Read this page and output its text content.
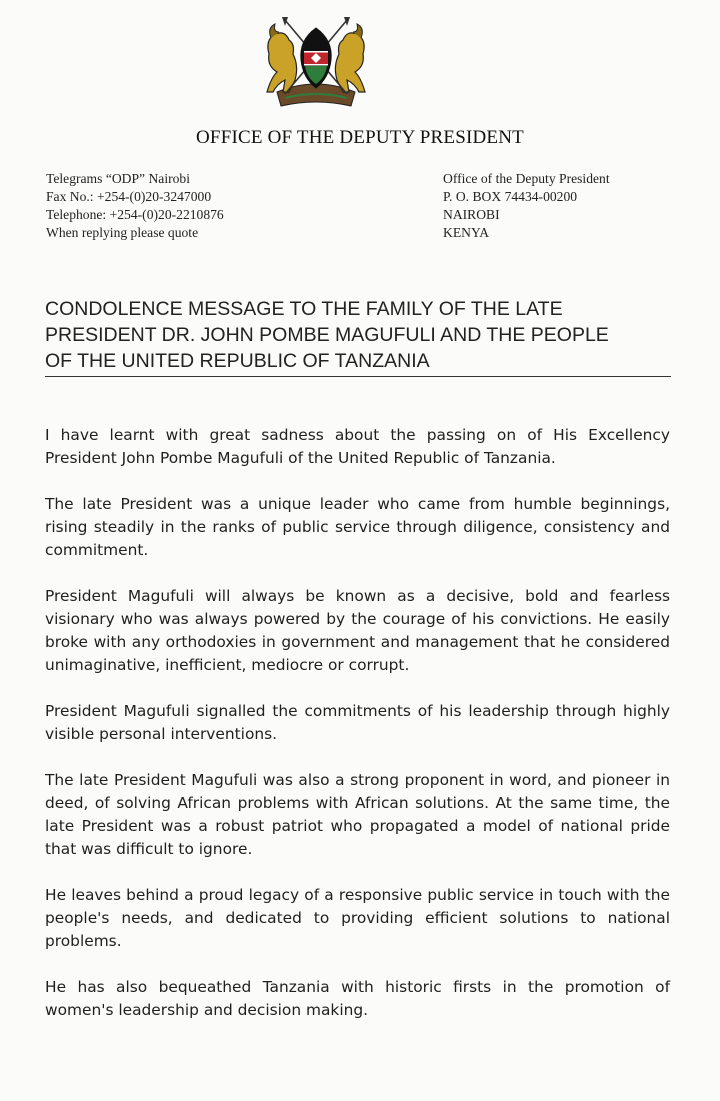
OFFICE OF THE DEPUTY PRESIDENT
Telegrams “ODP” Nairobi
Fax No.: +254-(0)20-3247000
Telephone: +254-(0)20-2210876
When replying please quote
Office of the Deputy President
P. O. BOX 74434-00200
NAIROBI
KENYA
CONDOLENCE MESSAGE TO THE FAMILY OF THE LATE
PRESIDENT DR. JOHN POMBE MAGUFULI AND THE PEOPLE
OF THE UNITED REPUBLIC OF TANZANIA

I have learnt with great sadness about the passing on of His Excellency President John Pombe Magufuli of the United Republic of Tanzania.

The late President was a unique leader who came from humble beginnings, rising steadily in the ranks of public service through diligence, consistency and commitment.

President Magufuli will always be known as a decisive, bold and fearless visionary who was always powered by the courage of his convictions. He easily broke with any orthodoxies in government and management that he considered unimaginative, inefficient, mediocre or corrupt.

President Magufuli signalled the commitments of his leadership through highly visible personal interventions.

The late President Magufuli was also a strong proponent in word, and pioneer in deed, of solving African problems with African solutions. At the same time, the late President was a robust patriot who propagated a model of national pride that was difficult to ignore.

He leaves behind a proud legacy of a responsive public service in touch with the people's needs, and dedicated to providing efficient solutions to national problems.

He has also bequeathed Tanzania with historic firsts in the promotion of women's leadership and decision making.
